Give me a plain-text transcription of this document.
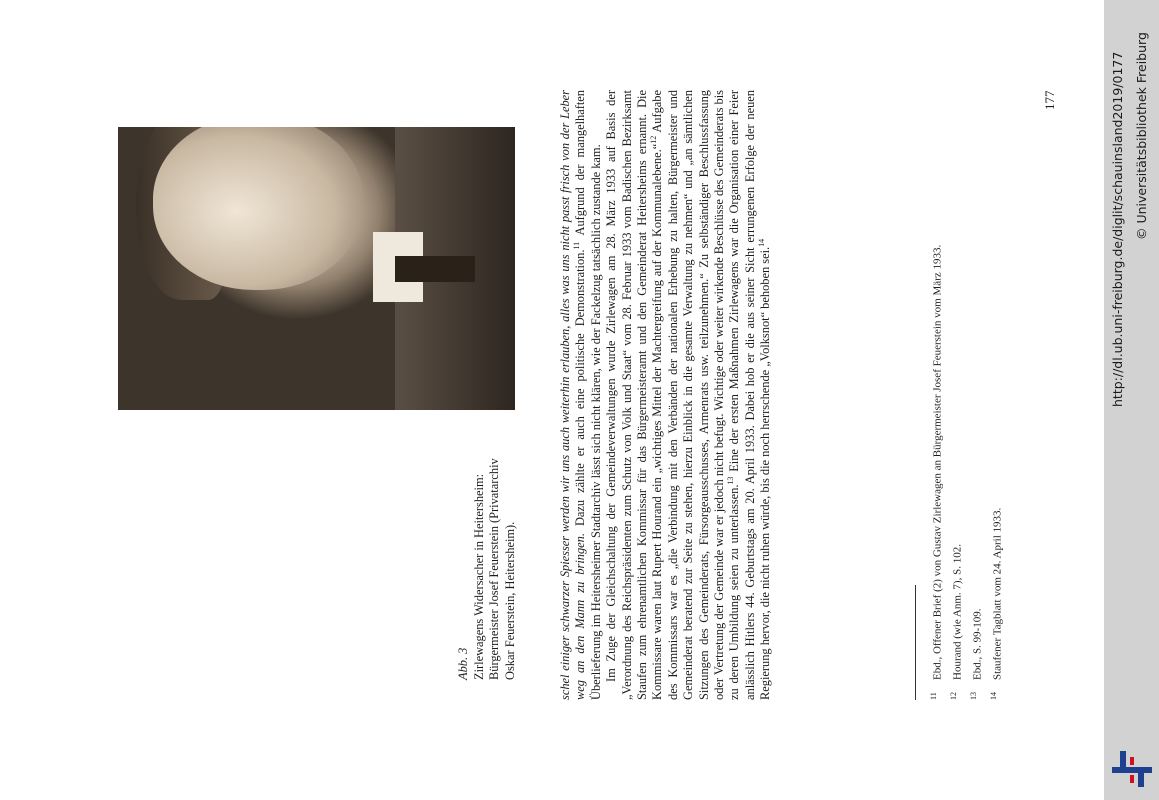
Abb. 3 Zirlewagens Widersacher in Heitersheim: Bürgermeister Josef Feuerstein (Privatarchiv Oskar Feuerstein, Heitersheim).	schel einiger schwarzer Spiesser werden wir uns auch weiterhin erlauben, alles was uns nicht passt frisch von der Leber weg an den Mann zu bringen. Dazu zählte er auch eine politische Demonstration.$^{11}$ Aufgrund der mangelhaften Überlieferung im Heitersheimer Stadtarchiv lässt sich nicht klären, wie der Fackelzug tatsächlich zustande kam. Im Zuge der Gleichschaltung der Gemeindeverwaltungen wurde Zirlewagen am 28. März 1933 auf Basis der „Verordnung des Reichspräsidenten zum Schutz von Volk und Staat“ vom 28. Februar 1933 vom Badischen Bezirksamt Staufen zum ehrenamtlichen Kommissar für das Bürgermeisteramt und den Gemeinderat Heitersheims ernannt. Die Kommissare waren laut Rupert Hourand ein „wichtiges Mittel der Machtergreifung auf der Kommunalebene.“$^{12}$ Aufgabe des Kommissars war es „die Verbindung mit den Verbänden der nationalen Erhebung zu halten, Bürgermeister und Gemeinderat beratend zur Seite zu stehen, hierzu Einblick in die gesamte Verwaltung zu nehmen“ und „an sämtlichen Sitzungen des Gemeinderats, Fürsorgeausschusses, Armenrats usw. teilzunehmen.“ Zu selbständiger Beschlussfassung oder Vertretung der Gemeinde war er jedoch nicht befugt. Wichtige oder weiter wirkende Beschlüsse des Gemeinderats bis zu deren Umbildung seien zu unterlassen.$^{13}$ Eine der ersten Maßnahmen Zirlewagens war die Organisation einer Feier anlässlich Hitlers 44. Geburtstags am 20. April 1933. Dabei hob er die aus seiner Sicht errungenen Erfolge der neuen Regierung hervor, die nicht ruhen würde, bis die noch herrschende „Volksnot“ behoben sei.$^{14}$

11Ebd., Offener Brief (2) von Gustav Zirlewagen an Bürgermeister Josef Feuerstein vom März 1933.
12Hourand (wie Anm. 7), S. 102.
13Ebd., S. 99-109.
14Staufener Tagblatt vom 24. April 1933.
177	http://dl.ub.uni-freiburg.de/diglit/schauinsland2019/0177 © Universitätsbibliothek Freiburg
